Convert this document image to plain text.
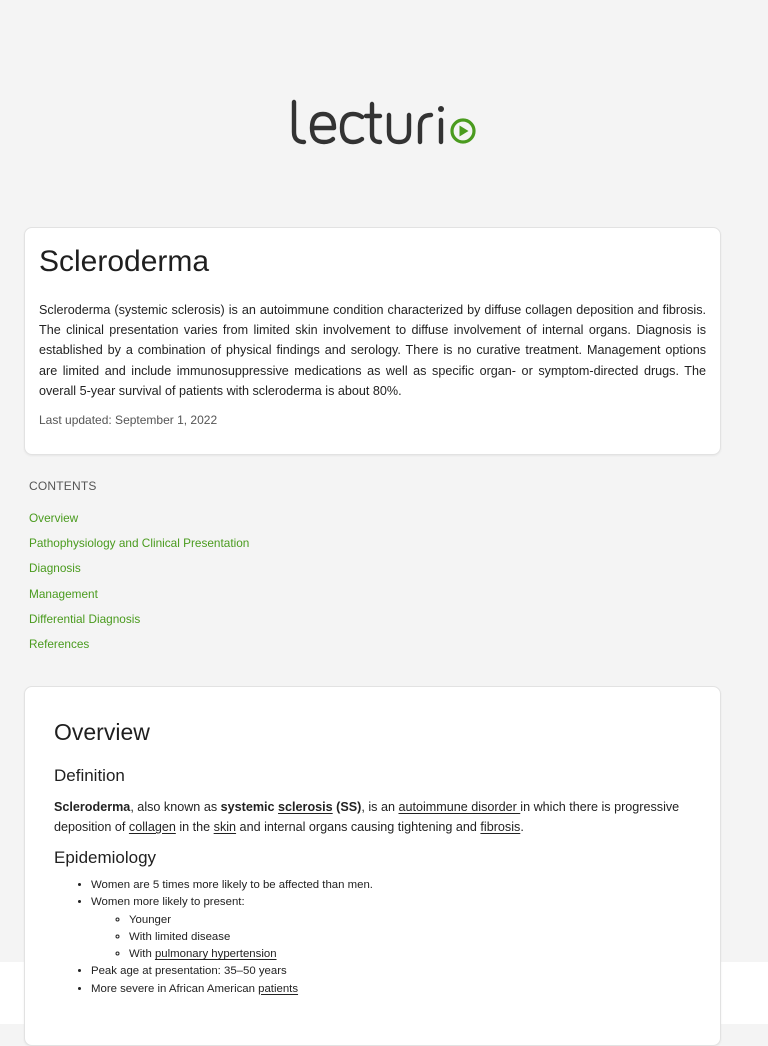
Scleroderma

Scleroderma (systemic sclerosis) is an autoimmune condition characterized by diffuse collagen deposition and fibrosis. The clinical presentation varies from limited skin involvement to diffuse involvement of internal organs. Diagnosis is established by a combination of physical findings and serology. There is no curative treatment. Management options are limited and include immunosuppressive medications as well as specific organ- or symptom-directed drugs. The overall 5-year survival of patients with scleroderma is about 80%.

Last updated: September 1, 2022
CONTENTS
Overview
Pathophysiology and Clinical Presentation
Diagnosis
Management
Differential Diagnosis
References
Overview
Definition

Scleroderma, also known as systemic sclerosis (SS), is an autoimmune disorder in which there is progressive deposition of collagen in the skin and internal organs causing tightening and fibrosis.

Epidemiology
• Women are 5 times more likely to be affected than men.
• Women more likely to present:
◦ Younger
◦ With limited disease
◦ With pulmonary hypertension
• Peak age at presentation: 35–50 years
• More severe in African American patients
